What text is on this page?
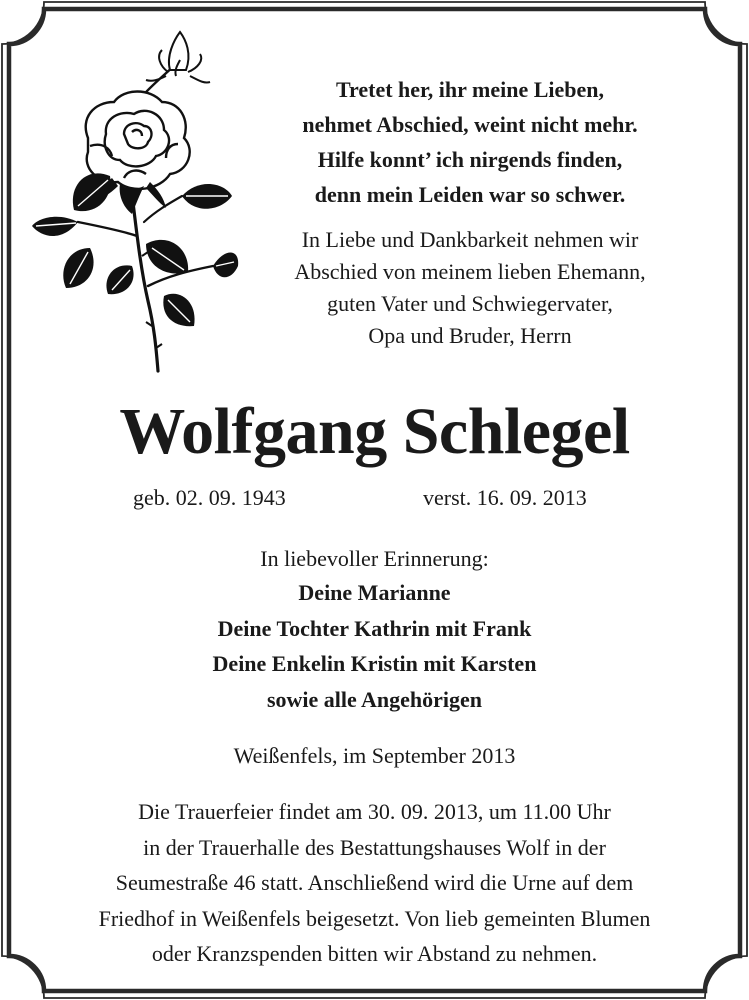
Tretet her, ihr meine Lieben,
nehmet Abschied, weint nicht mehr.
Hilfe konnt’ ich nirgends finden,
denn mein Leiden war so schwer.

In Liebe und Dankbarkeit nehmen wir
Abschied von meinem lieben Ehemann,
guten Vater und Schwiegervater,
Opa und Bruder, Herrn

Wolfgang Schlegel
geb. 02. 09. 1943	verst. 16. 09. 2013

In liebevoller Erinnerung:

Deine Marianne
Deine Tochter Kathrin mit Frank
Deine Enkelin Kristin mit Karsten
sowie alle Angehörigen

Weißenfels, im September 2013

Die Trauerfeier findet am 30. 09. 2013, um 11.00 Uhr
in der Trauerhalle des Bestattungshauses Wolf in der
Seumestraße 46 statt. Anschließend wird die Urne auf dem
Friedhof in Weißenfels beigesetzt. Von lieb gemeinten Blumen
oder Kranzspenden bitten wir Abstand zu nehmen.
